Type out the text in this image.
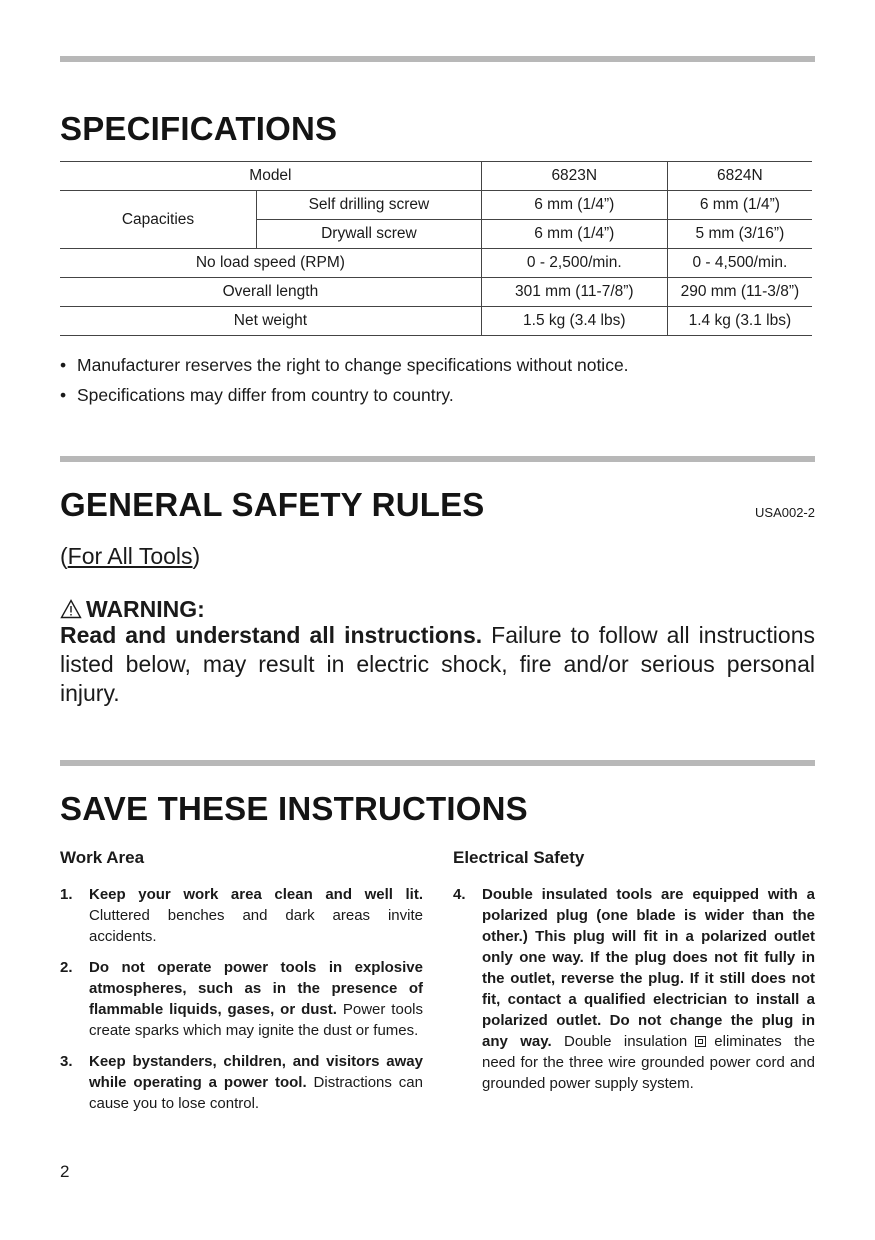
SPECIFICATIONS
Model		6823N	6824N
Capacities	Self drilling screw	6 mm (1/4”)	6 mm (1/4”)
	Drywall screw	6 mm (1/4”)	5 mm (3/16”)
No load speed (RPM)		0 - 2,500/min.	0 - 4,500/min.
Overall length		301 mm (11-7/8”)	290 mm (11-3/8”)
Net weight		1.5 kg (3.4 lbs)	1.4 kg (3.1 lbs)
• Manufacturer reserves the right to change specifications without notice.
• Specifications may differ from country to country.
GENERAL SAFETY RULES	USA002-2
(For All Tools)
WARNING:
Read and understand all instructions. Failure to follow all instructions listed below, may result in electric shock, fire and/or serious personal injury.
SAVE THESE INSTRUCTIONS
Work Area
1.	Keep your work area clean and well lit. Cluttered benches and dark areas invite accidents.
2.	Do not operate power tools in explosive atmospheres, such as in the presence of flammable liquids, gases, or dust. Power tools create sparks which may ignite the dust or fumes.
3.	Keep bystanders, children, and visitors away while operating a power tool. Distractions can cause you to lose control.
Electrical Safety
4.	Double insulated tools are equipped with a polarized plug (one blade is wider than the other.) This plug will fit in a polarized outlet only one way. If the plug does not fit fully in the outlet, reverse the plug. If it still does not fit, contact a qualified electrician to install a polarized outlet. Do not change the plug in any way. Double insulation eliminates the need for the three wire grounded power cord and grounded power supply system.
2
